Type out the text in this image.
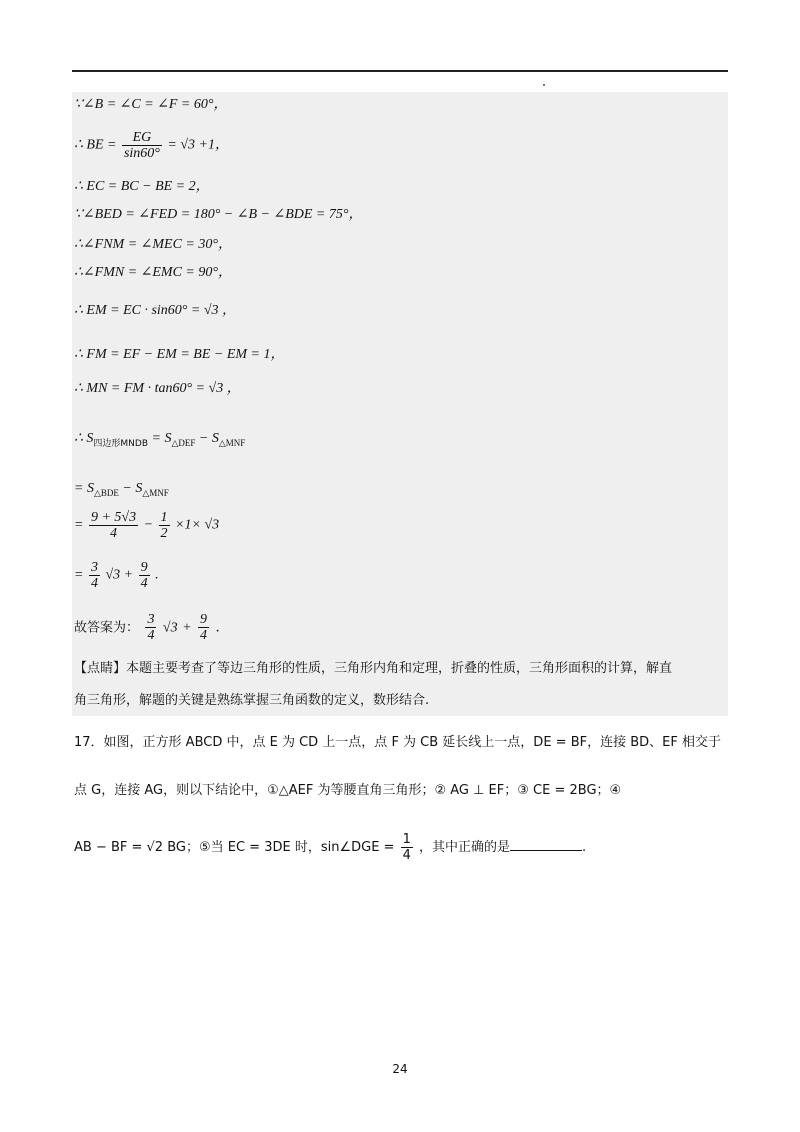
∵∠B = ∠C = ∠F = 60°，
∴ BE = $\frac{EG}{\sin 60^\circ} = √3 +1$，
∴ EC = BC − BE = 2，
∵∠BED = ∠FED = 180° − ∠B − ∠BDE = 75°，
∴∠FNM = ∠MEC = 30°，
∴∠FMN = ∠EMC = 90°，
∴ EM = EC · sin60° = √3 ，
∴ FM = EF − EM = BE − EM = 1，
∴ MN = FM · tan60° = √3 ，
∴ $S_{四边形MNDB} = S_{\triangle DEF} - S_{\triangle MNF}$
= $S_{\triangle BDE} - S_{\triangle MNF}$
= $\frac{9 + 5√3}{4} - \frac{1}{2} \times 1\times √3$
= $\frac{3}{4} √3 + \frac{9}{4}$ .
故答案为： $\frac{3}{4} √3 + \frac{9}{4}$ .
【点睛】本题主要考查了等边三角形的性质，三角形内角和定理，折叠的性质，三角形面积的计算，解直
角三角形，解题的关键是熟练掌握三角函数的定义，数形结合.
17．如图，正方形 ABCD 中，点 E 为 CD 上一点，点 F 为 CB 延长线上一点，DE = BF，连接 BD、EF 相交于
点 G，连接 AG，则以下结论中，①△AEF 为等腰直角三角形；② AG ⊥ EF；③ CE = 2BG；④
AB − BF = √2 BG；⑤当 EC = 3DE 时，sin∠DGE = $\frac{1}{4}$ ，其中正确的是	.
24
